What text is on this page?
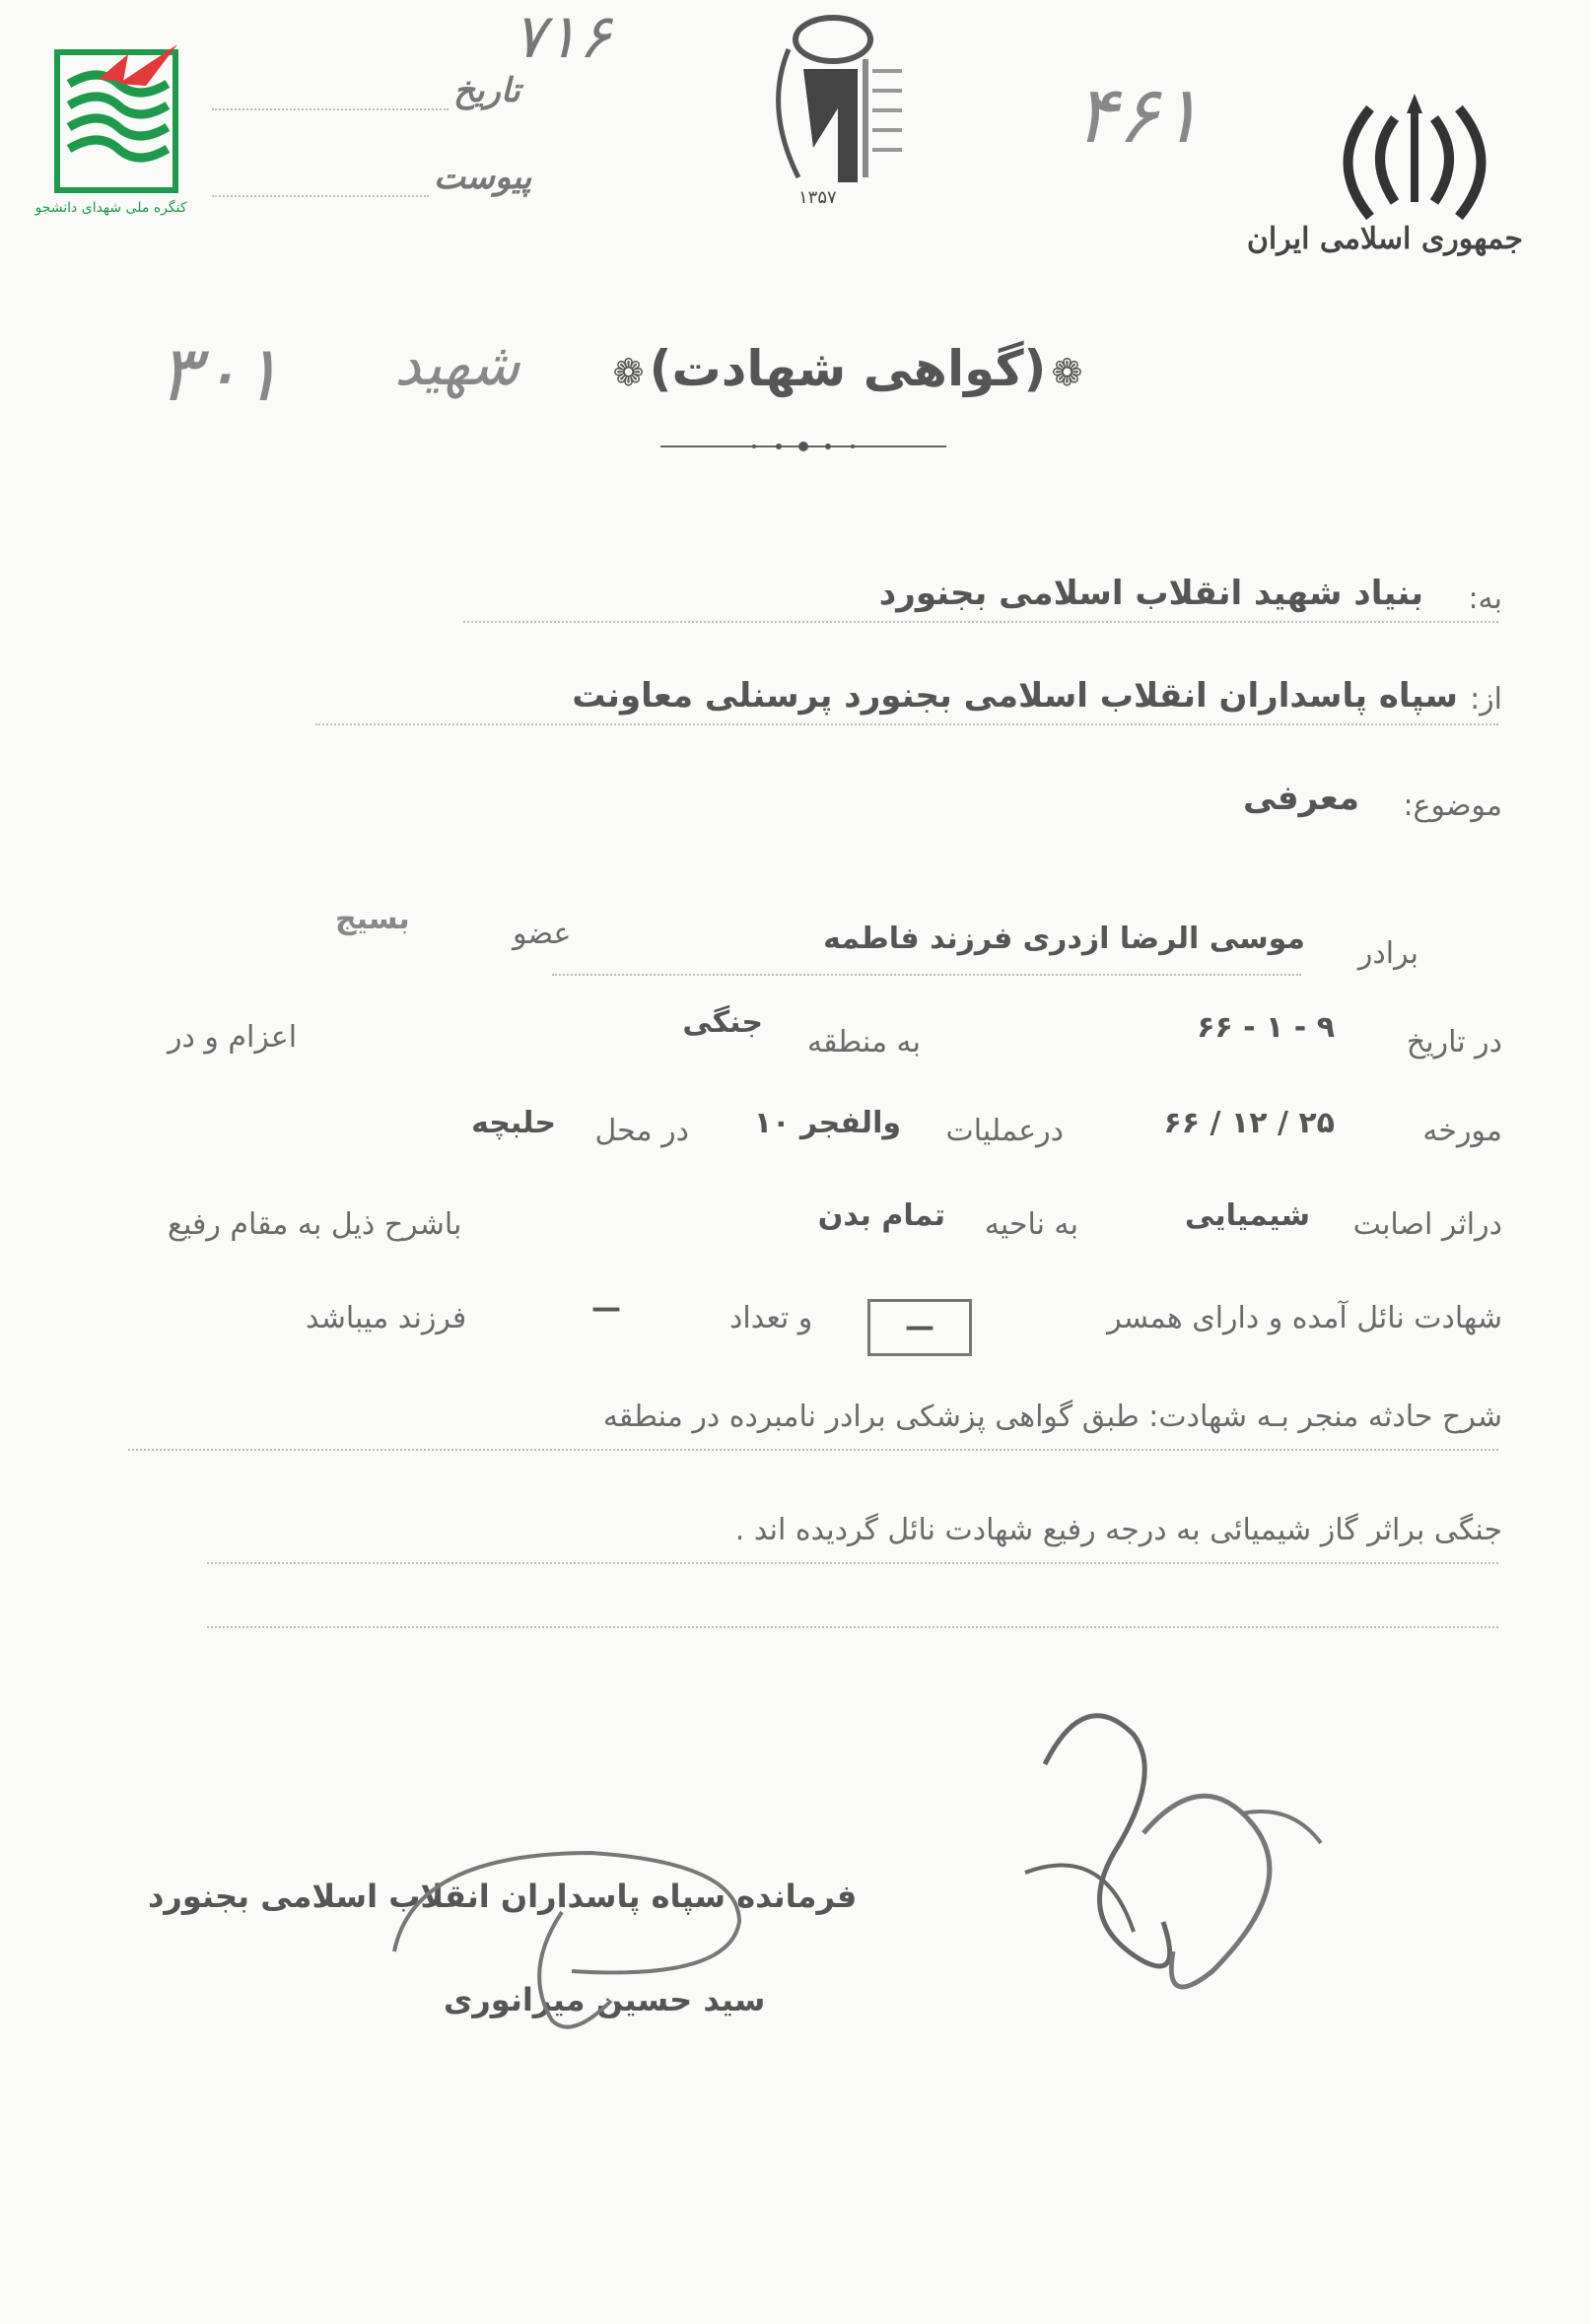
کنگره ملی شهدای دانشجو
۷۱۶
تاریخ
پیوست
۱۳۵۷
۴۶۱
جمهوری اسلامی ایران
۳۰۱ شهید	❁ (گواهی شهادت) ❁
به:
بنیاد شهید انقلاب اسلامی بجنورد
از:
سپاه پاسداران انقلاب اسلامی بجنورد پرسنلی معاونت
موضوع:
معرفی
برادر
موسی الرضا ازدری فرزند فاطمه
عضو
بسیج
در تاریخ
۹ - ۱ - ۶۶
به منطقه
جنگی
اعزام و در
مورخه
۲۵ / ۱۲ / ۶۶
درعملیات
والفجر ۱۰
در محل
حلبچه
دراثر اصابت
شیمیایی
به ناحیه
تمام بدن
باشرح ذیل به مقام رفیع
شهادت نائل آمده و دارای همسر
—
و تعداد
—
فرزند میباشد
شرح حادثه منجر بـه شهادت: طبق گواهی پزشکی برادر نامبرده در منطقه
جنگی براثر گاز شیمیائی به درجه رفیع شهادت نائل گردیده اند .
فرمانده سپاه پاسداران انقلاب اسلامی بجنورد
سید حسین میرانوری
